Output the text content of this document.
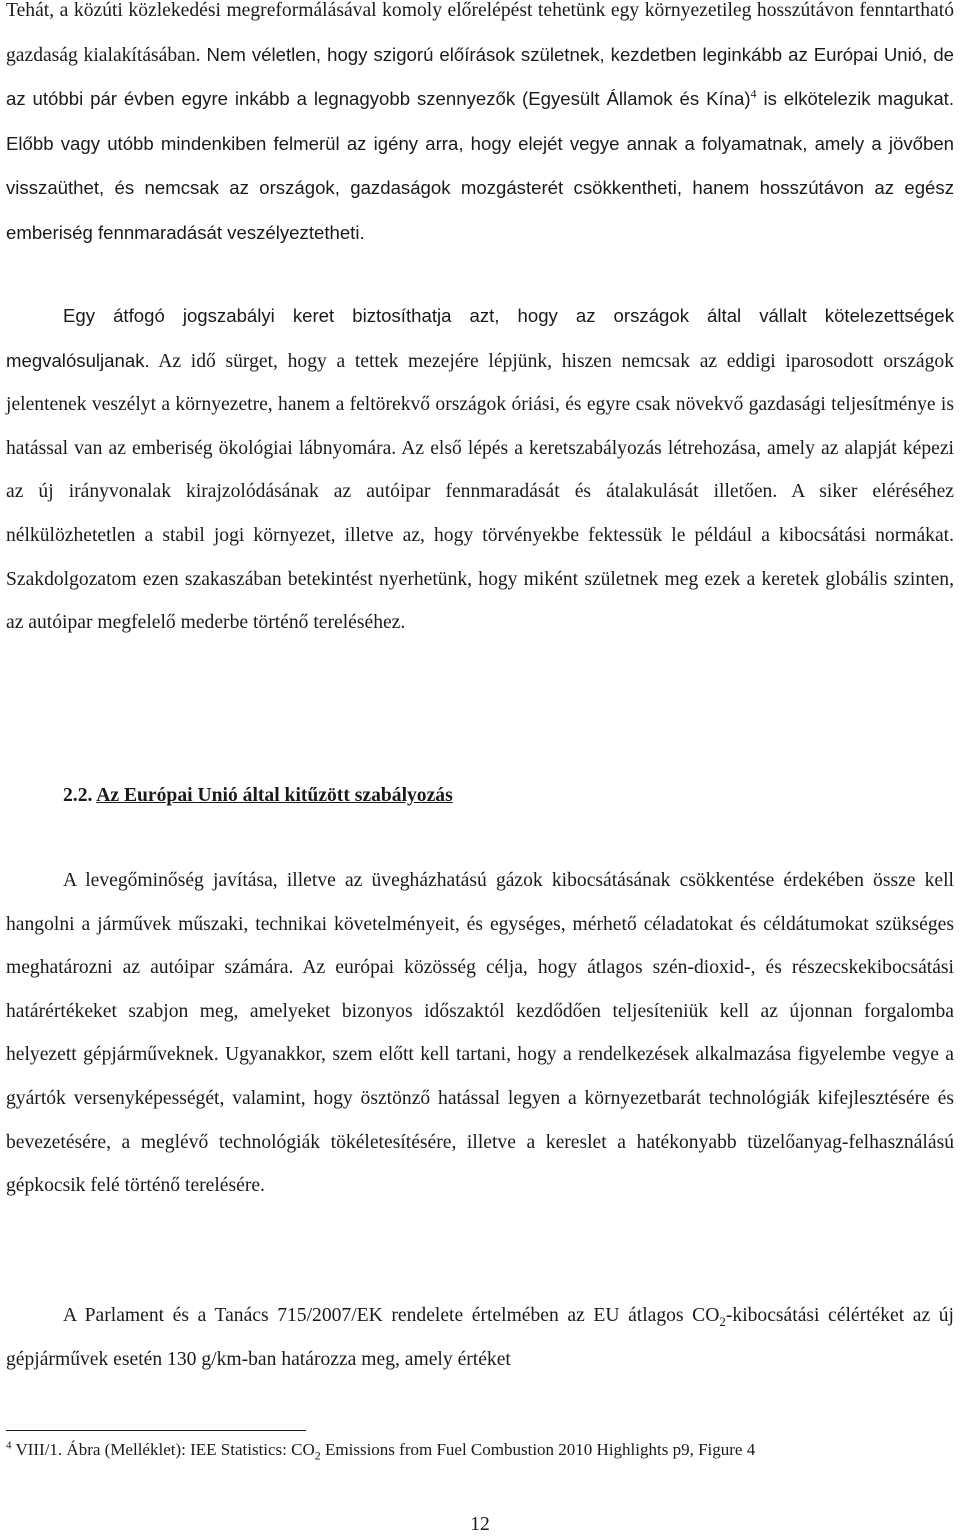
Tehát, a közúti közlekedési megreformálásával komoly előrelépést tehetünk egy környezetileg hosszútávon fenntartható gazdaság kialakításában. Nem véletlen, hogy szigorú előírások születnek, kezdetben leginkább az Európai Unió, de az utóbbi pár évben egyre inkább a legnagyobb szennyezők (Egyesült Államok és Kína)$^4$ is elkötelezik magukat. Előbb vagy utóbb mindenkiben felmerül az igény arra, hogy elejét vegye annak a folyamatnak, amely a jövőben visszaüthet, és nemcsak az országok, gazdaságok mozgásterét csökkentheti, hanem hosszútávon az egész emberiség fennmaradását veszélyeztetheti.

Egy átfogó jogszabályi keret biztosíthatja azt, hogy az országok által vállalt kötelezettségek megvalósuljanak. Az idő sürget, hogy a tettek mezejére lépjünk, hiszen nemcsak az eddigi iparosodott országok jelentenek veszélyt a környezetre, hanem a feltörekvő országok óriási, és egyre csak növekvő gazdasági teljesítménye is hatással van az emberiség ökológiai lábnyomára. Az első lépés a keretszabályozás létrehozása, amely az alapját képezi az új irányvonalak kirajzolódásának az autóipar fennmaradását és átalakulását illetően. A siker eléréséhez nélkülözhetetlen a stabil jogi környezet, illetve az, hogy törvényekbe fektessük le például a kibocsátási normákat. Szakdolgozatom ezen szakaszában betekintést nyerhetünk, hogy miként születnek meg ezek a keretek globális szinten, az autóipar megfelelő mederbe történő tereléséhez.

2.2. Az Európai Unió által kitűzött szabályozás

A levegőminőség javítása, illetve az üvegházhatású gázok kibocsátásának csökkentése érdekében össze kell hangolni a járművek műszaki, technikai követelményeit, és egységes, mérhető céladatokat és céldátumokat szükséges meghatározni az autóipar számára. Az európai közösség célja, hogy átlagos szén-dioxid-, és részecskekibocsátási határértékeket szabjon meg, amelyeket bizonyos időszaktól kezdődően teljesíteniük kell az újonnan forgalomba helyezett gépjárműveknek. Ugyanakkor, szem előtt kell tartani, hogy a rendelkezések alkalmazása figyelembe vegye a gyártók versenyképességét, valamint, hogy ösztönző hatással legyen a környezetbarát technológiák kifejlesztésére és bevezetésére, a meglévő technológiák tökéletesítésére, illetve a kereslet a hatékonyabb tüzelőanyag-felhasználású gépkocsik felé történő terelésére.

A Parlament és a Tanács 715/2007/EK rendelete értelmében az EU átlagos $CO_2$-kibocsátási célértéket az új gépjárművek esetén 130 g/km-ban határozza meg, amely értéket

$^4$ VIII/1. Ábra (Melléklet): IEE Statistics: $CO_2$ Emissions from Fuel Combustion 2010 Highlights p9, Figure 4

12
